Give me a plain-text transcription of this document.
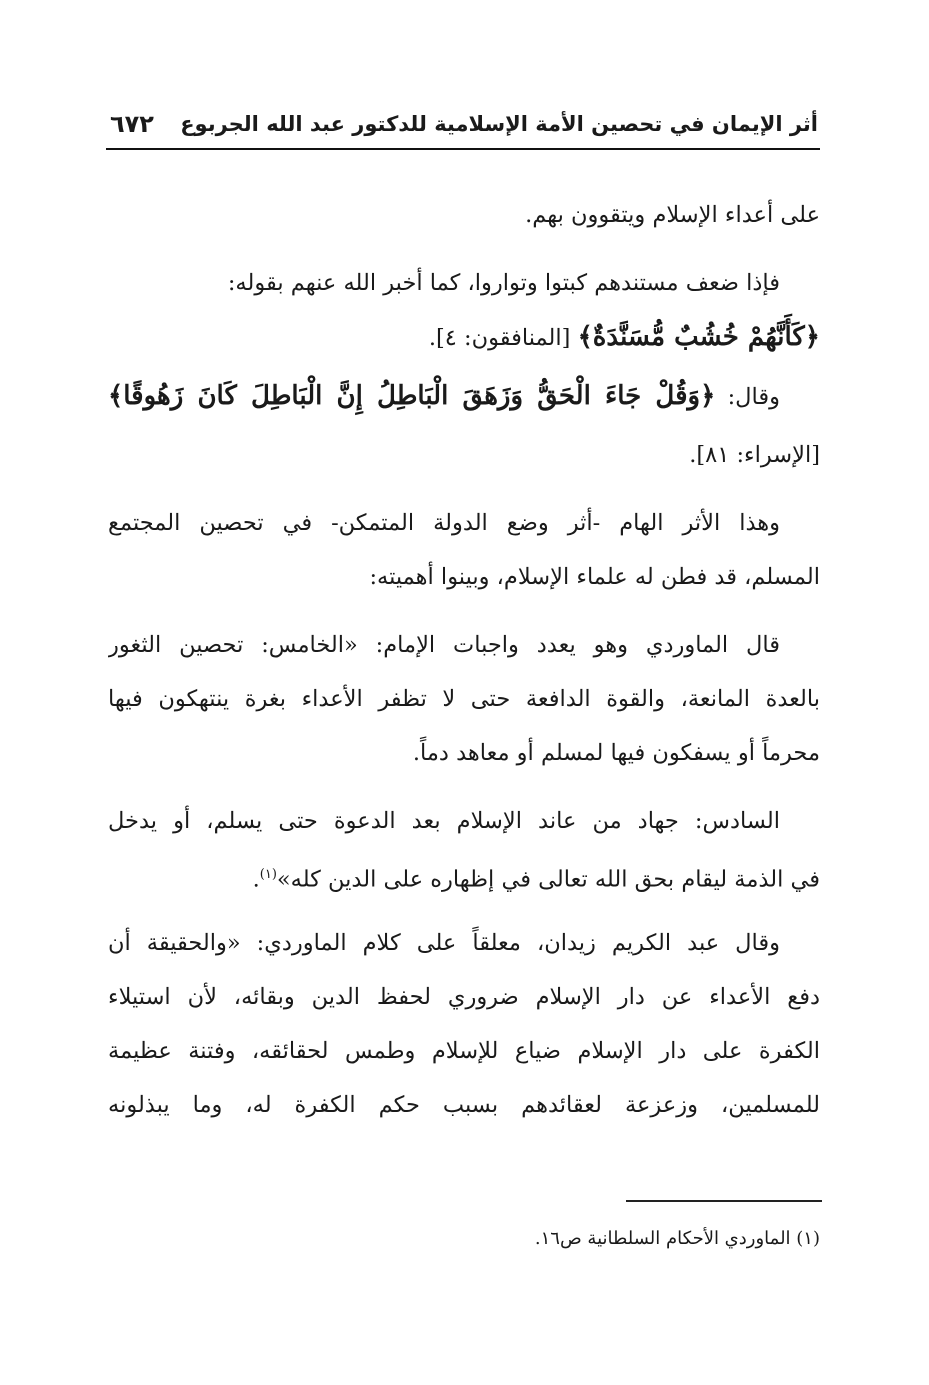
أثر الإيمان في تحصين الأمة الإسلامية للدكتور عبد الله الجربوع
٦٧٢
على أعداء الإسلام ويتقوون بهم.
فإذا ضعف مستندهم كبتوا وتواروا، كما أخبر الله عنهم بقوله:
﴿كَأَنَّهُمْ خُشُبٌ مُّسَنَّدَةٌ﴾ [المنافقون: ٤].
وقال: ﴿وَقُلْ جَاءَ الْحَقُّ وَزَهَقَ الْبَاطِلُ إِنَّ الْبَاطِلَ كَانَ زَهُوقًا﴾
[الإسراء: ٨١].
وهذا الأثر الهام -أثر وضع الدولة المتمكن- في تحصين المجتمع
المسلم، قد فطن له علماء الإسلام، وبينوا أهميته:
قال الماوردي وهو يعدد واجبات الإمام: «الخامس: تحصين الثغور
بالعدة المانعة، والقوة الدافعة حتى لا تظفر الأعداء بغرة ينتهكون فيها
محرماً أو يسفكون فيها لمسلم أو معاهد دماً.
السادس: جهاد من عاند الإسلام بعد الدعوة حتى يسلم، أو يدخل
في الذمة ليقام بحق الله تعالى في إظهاره على الدين كله»$^{(١)}$.
وقال عبد الكريم زيدان، معلقاً على كلام الماوردي: «والحقيقة أن
دفع الأعداء عن دار الإسلام ضروري لحفظ الدين وبقائه، لأن استيلاء
الكفرة على دار الإسلام ضياع للإسلام وطمس لحقائقه، وفتنة عظيمة
للمسلمين، وزعزعة لعقائدهم بسبب حكم الكفرة له، وما يبذلونه
(١) الماوردي الأحكام السلطانية ص١٦.
